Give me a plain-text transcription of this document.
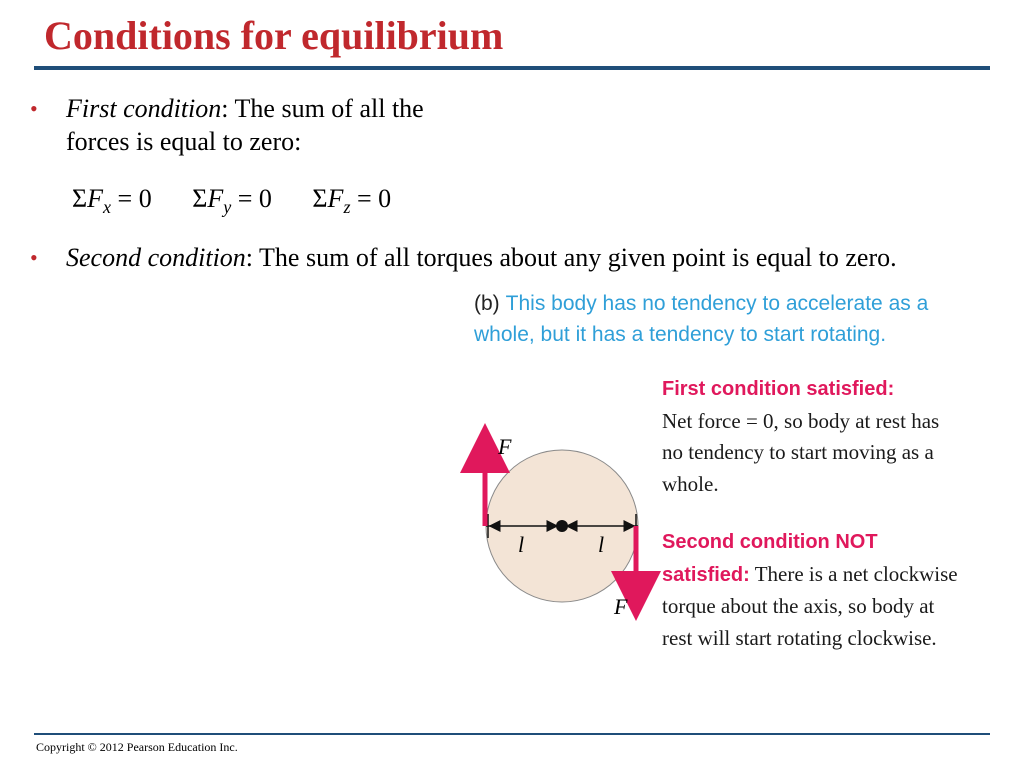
Conditions for equilibrium
• First condition: The sum of all the forces is equal to zero:
$\Sigma F_x = 0$ $\Sigma F_y = 0$ $\Sigma F_z = 0$
• Second condition: The sum of all torques about any given point is equal to zero.
(b) This body has no tendency to accelerate as a whole, but it has a tendency to start rotating.
F
F
l	l
First condition satisfied:
Net force = 0, so body at rest has no tendency to start moving as a whole.
Second condition NOT satisfied: There is a net clockwise torque about the axis, so body at rest will start rotating clockwise.
Copyright © 2012 Pearson Education Inc.
